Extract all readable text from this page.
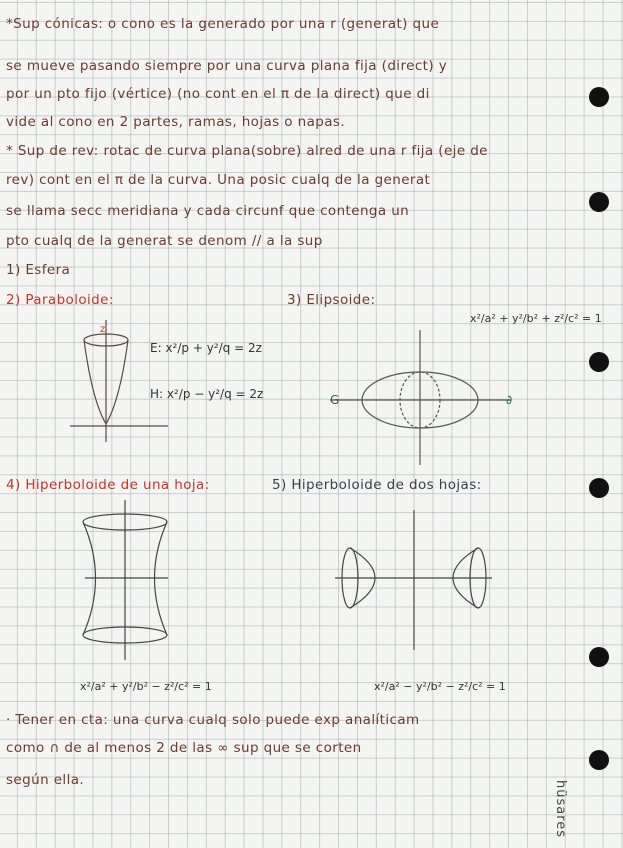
*Sup cónicas: o cono es la generado por una r (generat) que
se mueve pasando siempre por una curva plana fija (direct) y
por un pto fijo (vértice) (no cont en el π de la direct) que di
vide al cono en 2 partes, ramas, hojas o napas.
* Sup de rev: rotac de curva plana(sobre) alred de una r fija (eje de
rev) cont en el π de la curva. Una posic cualq de la generat
se llama secc meridiana y cada circunf que contenga un
pto cualq de la generat se denom // a la sup
1) Esfera
2) Paraboloide:	3) Elipsoide:
4) Hiperboloide de una hoja:	5) Hiperboloide de dos hojas:
· Tener en cta: una curva cualq solo puede exp analíticam
como ∩ de al menos 2 de las ∞ sup que se corten
según ella.
z
E: x²/p + y²/q = 2z
H: x²/p − y²/q = 2z	G	∂
x²/a² + y²/b² + z²/c² = 1
x²/a² + y²/b² − z²/c² = 1	x²/a² − y²/b² − z²/c² = 1
hüsares
